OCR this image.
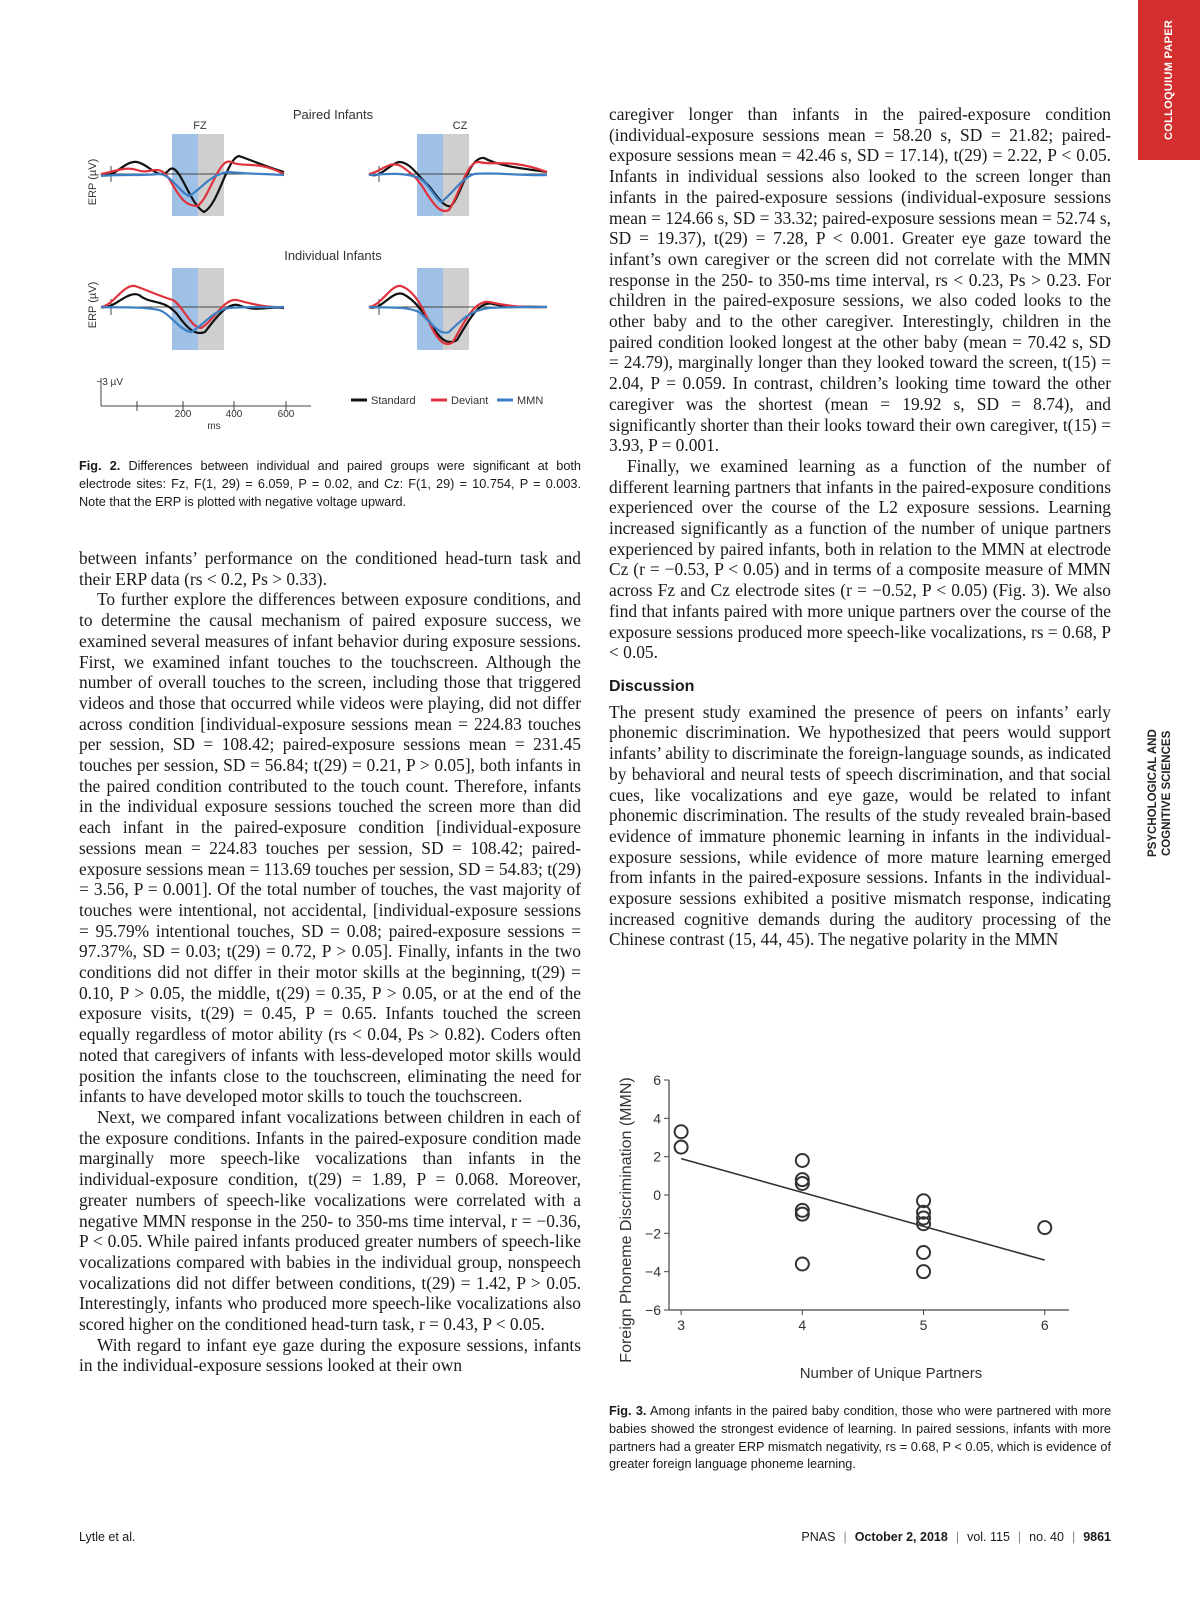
COLLOQUIUM PAPER
PSYCHOLOGICAL AND COGNITIVE SCIENCES
Paired Infants
Individual Infants
FZ	CZ
ERP (µV)
ERP (µV)
−3 µV
200	400	600
ms
Standard	Deviant	MMN
Fig. 2. Differences between individual and paired groups were significant at both electrode sites: Fz, F(1, 29) = 6.059, P = 0.02, and Cz: F(1, 29) = 10.754, P = 0.003. Note that the ERP is plotted with negative voltage upward.

between infants’ performance on the conditioned head-turn task and their ERP data (rs < 0.2, Ps > 0.33).

To further explore the differences between exposure conditions, and to determine the causal mechanism of paired exposure success, we examined several measures of infant behavior during exposure sessions. First, we examined infant touches to the touchscreen. Although the number of overall touches to the screen, including those that triggered videos and those that occurred while videos were playing, did not differ across condition [individual-exposure sessions mean = 224.83 touches per session, SD = 108.42; paired-exposure sessions mean = 231.45 touches per session, SD = 56.84; t(29) = 0.21, P > 0.05], both infants in the paired condition contributed to the touch count. Therefore, infants in the individual exposure sessions touched the screen more than did each infant in the paired-exposure condition [individual-exposure sessions mean = 224.83 touches per session, SD = 108.42; paired-exposure sessions mean = 113.69 touches per session, SD = 54.83; t(29) = 3.56, P = 0.001]. Of the total number of touches, the vast majority of touches were intentional, not accidental, [individual-exposure sessions = 95.79% intentional touches, SD = 0.08; paired-exposure sessions = 97.37%, SD = 0.03; t(29) = 0.72, P > 0.05]. Finally, infants in the two conditions did not differ in their motor skills at the beginning, t(29) = 0.10, P > 0.05, the middle, t(29) = 0.35, P > 0.05, or at the end of the exposure visits, t(29) = 0.45, P = 0.65. Infants touched the screen equally regardless of motor ability (rs < 0.04, Ps > 0.82). Coders often noted that caregivers of infants with less-developed motor skills would position the infants close to the touchscreen, eliminating the need for infants to have developed motor skills to touch the touchscreen.

Next, we compared infant vocalizations between children in each of the exposure conditions. Infants in the paired-exposure condition made marginally more speech-like vocalizations than infants in the individual-exposure condition, t(29) = 1.89, P = 0.068. Moreover, greater numbers of speech-like vocalizations were correlated with a negative MMN response in the 250- to 350-ms time interval, r = −0.36, P < 0.05. While paired infants produced greater numbers of speech-like vocalizations compared with babies in the individual group, nonspeech vocalizations did not differ between conditions, t(29) = 1.42, P > 0.05. Interestingly, infants who produced more speech-like vocalizations also scored higher on the conditioned head-turn task, r = 0.43, P < 0.05.

With regard to infant eye gaze during the exposure sessions, infants in the individual-exposure sessions looked at their own

caregiver longer than infants in the paired-exposure condition (individual-exposure sessions mean = 58.20 s, SD = 21.82; paired-exposure sessions mean = 42.46 s, SD = 17.14), t(29) = 2.22, P < 0.05. Infants in individual sessions also looked to the screen longer than infants in the paired-exposure sessions (individual-exposure sessions mean = 124.66 s, SD = 33.32; paired-exposure sessions mean = 52.74 s, SD = 19.37), t(29) = 7.28, P < 0.001. Greater eye gaze toward the infant’s own caregiver or the screen did not correlate with the MMN response in the 250- to 350-ms time interval, rs < 0.23, Ps > 0.23. For children in the paired-exposure sessions, we also coded looks to the other baby and to the other caregiver. Interestingly, children in the paired condition looked longest at the other baby (mean = 70.42 s, SD = 24.79), marginally longer than they looked toward the screen, t(15) = 2.04, P = 0.059. In contrast, children’s looking time toward the other caregiver was the shortest (mean = 19.92 s, SD = 8.74), and significantly shorter than their looks toward their own caregiver, t(15) = 3.93, P = 0.001.

Finally, we examined learning as a function of the number of different learning partners that infants in the paired-exposure conditions experienced over the course of the L2 exposure sessions. Learning increased significantly as a function of the number of unique partners experienced by paired infants, both in relation to the MMN at electrode Cz (r = −0.53, P < 0.05) and in terms of a composite measure of MMN across Fz and Cz electrode sites (r = −0.52, P < 0.05) (Fig. 3). We also find that infants paired with more unique partners over the course of the exposure sessions produced more speech-like vocalizations, rs = 0.68, P < 0.05.

Discussion

The present study examined the presence of peers on infants’ early phonemic discrimination. We hypothesized that peers would support infants’ ability to discriminate the foreign-language sounds, as indicated by behavioral and neural tests of speech discrimination, and that social cues, like vocalizations and eye gaze, would be related to infant phonemic discrimination. The results of the study revealed brain-based evidence of immature phonemic learning in infants in the individual-exposure sessions, while evidence of more mature learning emerged from infants in the paired-exposure sessions. Infants in the individual-exposure sessions exhibited a positive mismatch response, indicating increased cognitive demands during the auditory processing of the Chinese contrast (15, 44, 45). The negative polarity in the MMN

6
4
2
0
−2
−4
−6
3	4	5	6
Number of Unique Partners
Foreign Phoneme Discrimination (MMN)
Fig. 3. Among infants in the paired baby condition, those who were partnered with more babies showed the strongest evidence of learning. In paired sessions, infants with more partners had a greater ERP mismatch negativity, rs = 0.68, P < 0.05, which is evidence of greater foreign language phoneme learning.
Lytle et al.	PNAS | October 2, 2018 | vol. 115 | no. 40 | 9861
